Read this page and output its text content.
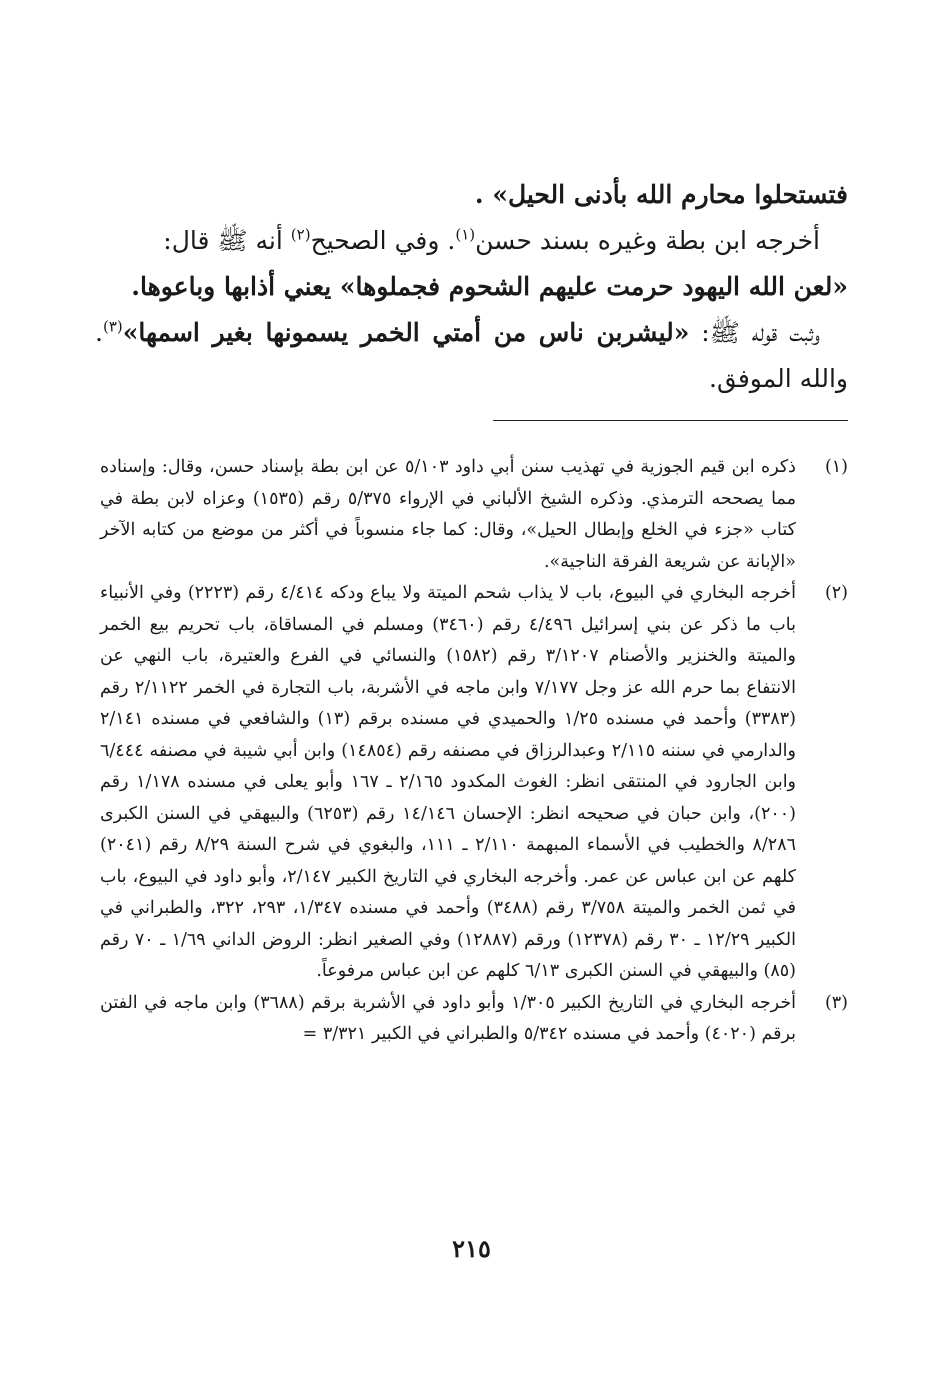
فتستحلوا محارم الله بأدنى الحيل» .

أخرجه ابن بطة وغيره بسند حسن$^{(١)}$. وفي الصحيح$^{(٢)}$ أنه ﷺ قال:

«لعن الله اليهود حرمت عليهم الشحوم فجملوها» يعني أذابها وباعوها.

وثبت قوله ﷺ: «ليشربن ناس من أمتي الخمر يسمونها بغير اسمها»$^{(٣)}$. والله الموفق.

(١)
ذكره ابن قيم الجوزية في تهذيب سنن أبي داود ٥/١٠٣ عن ابن بطة بإسناد حسن، وقال: وإسناده مما يصححه الترمذي. وذكره الشيخ الألباني في الإرواء ٥/٣٧٥ رقم (١٥٣٥) وعزاه لابن بطة في كتاب «جزء في الخلع وإبطال الحيل»، وقال: كما جاء منسوباً في أكثر من موضع من كتابه الآخر «الإبانة عن شريعة الفرقة الناجية».
(٢)
أخرجه البخاري في البيوع، باب لا يذاب شحم الميتة ولا يباع ودكه ٤/٤١٤ رقم (٢٢٢٣) وفي الأنبياء باب ما ذكر عن بني إسرائيل ٤/٤٩٦ رقم (٣٤٦٠) ومسلم في المساقاة، باب تحريم بيع الخمر والميتة والخنزير والأصنام ٣/١٢٠٧ رقم (١٥٨٢) والنسائي في الفرع والعتيرة، باب النهي عن الانتفاع بما حرم الله عز وجل ٧/١٧٧ وابن ماجه في الأشربة، باب التجارة في الخمر ٢/١١٢٢ رقم (٣٣٨٣) وأحمد في مسنده ١/٢٥ والحميدي في مسنده برقم (١٣) والشافعي في مسنده ٢/١٤١ والدارمي في سننه ٢/١١٥ وعبدالرزاق في مصنفه رقم (١٤٨٥٤) وابن أبي شيبة في مصنفه ٦/٤٤٤ وابن الجارود في المنتقى انظر: الغوث المكدود ٢/١٦٥ ـ ١٦٧ وأبو يعلى في مسنده ١/١٧٨ رقم (٢٠٠)، وابن حبان في صحيحه انظر: الإحسان ١٤/١٤٦ رقم (٦٢٥٣) والبيهقي في السنن الكبرى ٨/٢٨٦ والخطيب في الأسماء المبهمة ٢/١١٠ ـ ١١١، والبغوي في شرح السنة ٨/٢٩ رقم (٢٠٤١) كلهم عن ابن عباس عن عمر. وأخرجه البخاري في التاريخ الكبير ٢/١٤٧، وأبو داود في البيوع، باب في ثمن الخمر والميتة ٣/٧٥٨ رقم (٣٤٨٨) وأحمد في مسنده ١/٣٤٧، ٢٩٣، ٣٢٢، والطبراني في الكبير ١٢/٢٩ ـ ٣٠ رقم (١٢٣٧٨) ورقم (١٢٨٨٧) وفي الصغير انظر: الروض الداني ١/٦٩ ـ ٧٠ رقم (٨٥) والبيهقي في السنن الكبرى ٦/١٣ كلهم عن ابن عباس مرفوعاً.
(٣)
أخرجه البخاري في التاريخ الكبير ١/٣٠٥ وأبو داود في الأشربة برقم (٣٦٨٨) وابن ماجه في الفتن برقم (٤٠٢٠) وأحمد في مسنده ٥/٣٤٢ والطبراني في الكبير ٣/٣٢١ =
٢١٥
